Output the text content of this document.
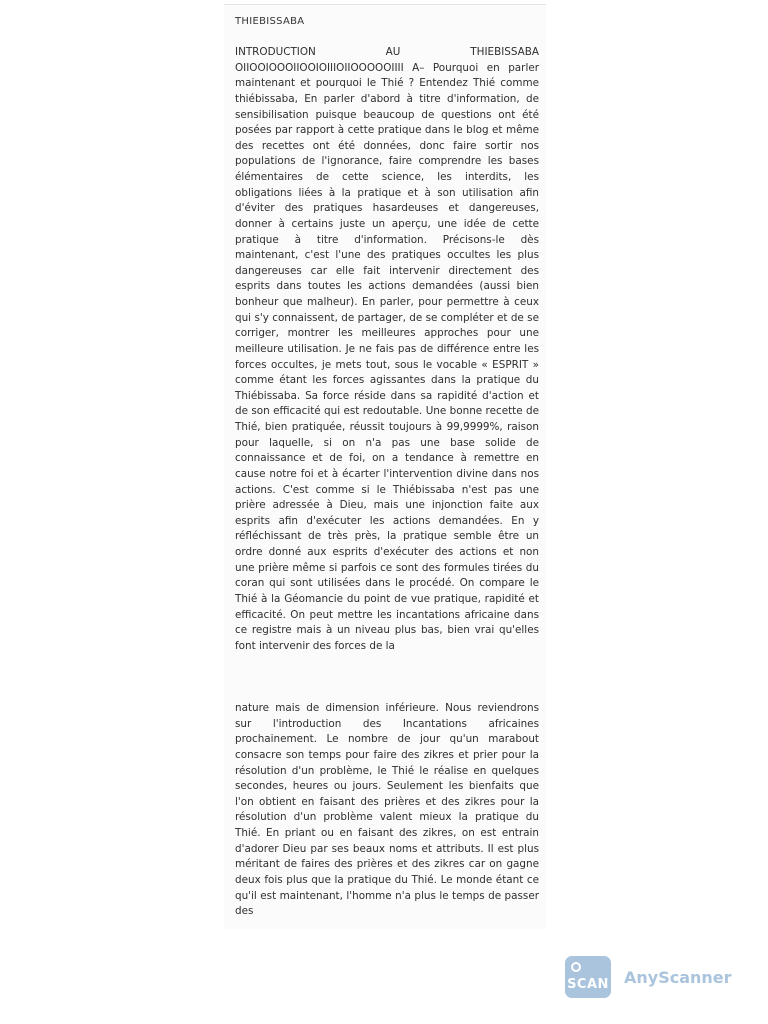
THIEBISSABA

INTRODUCTION AU THIEBISSABA OIIOOIOOOIIOOIOIIIOIIOOOOOIIII A– Pourquoi en parler maintenant et pourquoi le Thié ? Entendez Thié comme thiébissaba, En parler d'abord à titre d'information, de sensibilisation puisque beaucoup de questions ont été posées par rapport à cette pratique dans le blog et même des recettes ont été données, donc faire sortir nos populations de l'ignorance, faire comprendre les bases élémentaires de cette science, les interdits, les obligations liées à la pratique et à son utilisation afin d'éviter des pratiques hasardeuses et dangereuses, donner à certains juste un aperçu, une idée de cette pratique à titre d'information. Précisons-le dès maintenant, c'est l'une des pratiques occultes les plus dangereuses car elle fait intervenir directement des esprits dans toutes les actions demandées (aussi bien bonheur que malheur). En parler, pour permettre à ceux qui s'y connaissent, de partager, de se compléter et de se corriger, montrer les meilleures approches pour une meilleure utilisation. Je ne fais pas de différence entre les forces occultes, je mets tout, sous le vocable « ESPRIT » comme étant les forces agissantes dans la pratique du Thiébissaba. Sa force réside dans sa rapidité d'action et de son efficacité qui est redoutable. Une bonne recette de Thié, bien pratiquée, réussit toujours à 99,9999%, raison pour laquelle, si on n'a pas une base solide de connaissance et de foi, on a tendance à remettre en cause notre foi et à écarter l'intervention divine dans nos actions. C'est comme si le Thiébissaba n'est pas une prière adressée à Dieu, mais une injonction faite aux esprits afin d'exécuter les actions demandées. En y réfléchissant de très près, la pratique semble être un ordre donné aux esprits d'exécuter des actions et non une prière même si parfois ce sont des formules tirées du coran qui sont utilisées dans le procédé. On compare le Thié à la Géomancie du point de vue pratique, rapidité et efficacité. On peut mettre les incantations africaine dans ce registre mais à un niveau plus bas, bien vrai qu'elles font intervenir des forces de la

nature mais de dimension inférieure. Nous reviendrons sur l'introduction des Incantations africaines prochainement. Le nombre de jour qu'un marabout consacre son temps pour faire des zikres et prier pour la résolution d'un problème, le Thié le réalise en quelques secondes, heures ou jours. Seulement les bienfaits que l'on obtient en faisant des prières et des zikres pour la résolution d'un problème valent mieux la pratique du Thié. En priant ou en faisant des zikres, on est entrain d'adorer Dieu par ses beaux noms et attributs. Il est plus méritant de faires des prières et des zikres car on gagne deux fois plus que la pratique du Thié. Le monde étant ce qu'il est maintenant, l'homme n'a plus le temps de passer des

SCAN AnyScanner
